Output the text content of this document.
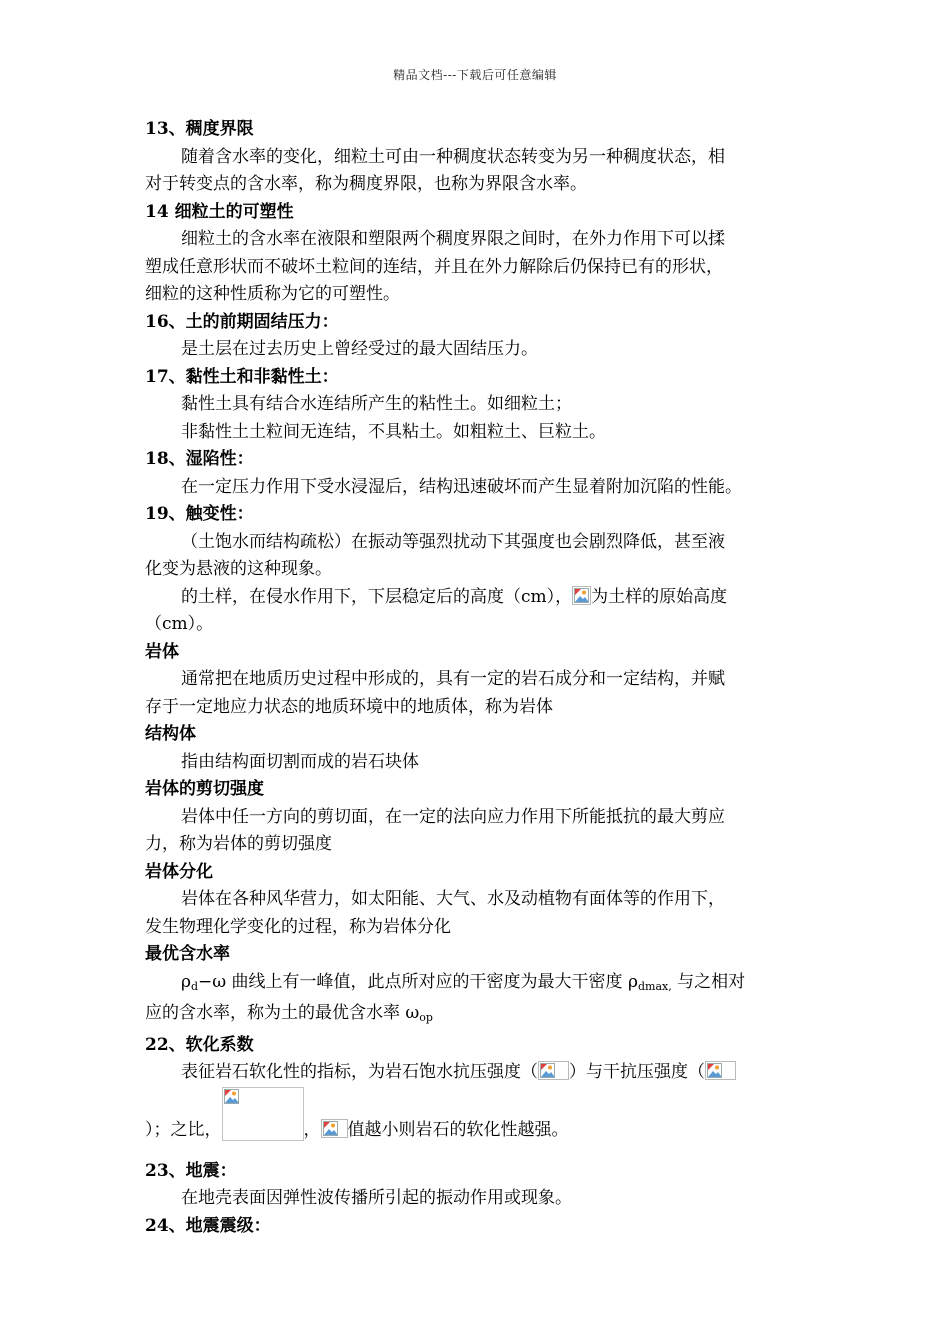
精品文档---下载后可任意编辑

13、稠度界限

随着含水率的变化，细粒土可由一种稠度状态转变为另一种稠度状态，相

对于转变点的含水率，称为稠度界限，也称为界限含水率。

14 细粒土的可塑性

细粒土的含水率在液限和塑限两个稠度界限之间时，在外力作用下可以揉

塑成任意形状而不破坏土粒间的连结，并且在外力解除后仍保持已有的形状，

细粒的这种性质称为它的可塑性。

16、土的前期固结压力：

是土层在过去历史上曾经受过的最大固结压力。

17、黏性土和非黏性土：

黏性土具有结合水连结所产生的粘性土。如细粒土；

非黏性土土粒间无连结，不具粘土。如粗粒土、巨粒土。

18、湿陷性：

在一定压力作用下受水浸湿后，结构迅速破坏而产生显着附加沉陷的性能。

19、触变性：

（土饱水而结构疏松）在振动等强烈扰动下其强度也会剧烈降低，甚至液

化变为悬液的这种现象。

的土样，在侵水作用下，下层稳定后的高度（cm）， 为土样的原始高度

（cm）。

岩体

通常把在地质历史过程中形成的，具有一定的岩石成分和一定结构，并赋

存于一定地应力状态的地质环境中的地质体，称为岩体

结构体

指由结构面切割而成的岩石块体

岩体的剪切强度

岩体中任一方向的剪切面，在一定的法向应力作用下所能抵抗的最大剪应

力，称为岩体的剪切强度

岩体分化

岩体在各种风华营力，如太阳能、大气、水及动植物有面体等的作用下，

发生物理化学变化的过程，称为岩体分化

最优含水率

$\rho_d-\omega$ 曲线上有一峰值，此点所对应的干密度为最大干密度 $\rho_{dmax,}$ 与之相对

应的含水率，称为土的最优含水率 $\omega_{op}$

22、软化系数

表征岩石软化性的指标，为岩石饱水抗压强度（ ）与干抗压强度（

）；之比，	， 值越小则岩石的软化性越强。

23、地震：

在地壳表面因弹性波传播所引起的振动作用或现象。

24、地震震级：
